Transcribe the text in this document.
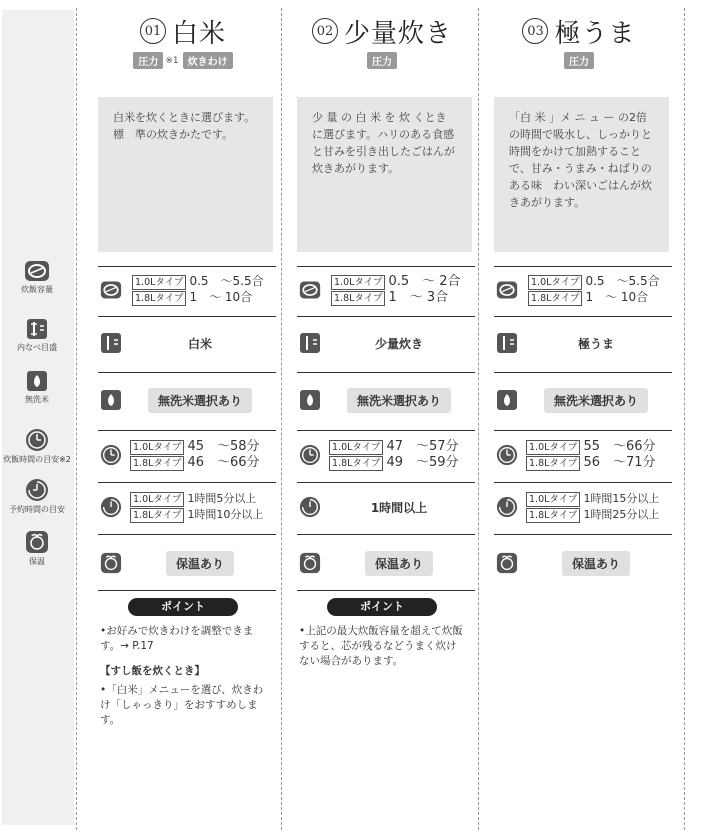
炊飯容量
内なべ目盛
無洗米
炊飯時間の目安※2
予約時間の目安
保温
01 白米
圧力 ※1 炊きわけ
白米を炊くときに選びます。標　準の炊きかたです。
1.0Lタイプ 0.5　～5.5合
1.8Lタイプ 1　～ 10合
白米
無洗米選択あり
1.0Lタイプ 45　～58分
1.8Lタイプ 46　～66分
1.0Lタイプ 1時間5分以上
1.8Lタイプ 1時間10分以上
保温あり
ポイント
•お好みで炊きわけを調整できます。→ P.17
【すし飯を炊くとき】
•「白米」メニューを選び、炊きわけ「しゃっきり」をおすすめします。
02 少量炊き
圧力
少 量 の 白 米 を 炊 くときに選びます。ハリのある食感と甘みを引き出したごはんが炊きあがります。
1.0Lタイプ 0.5　～ 2合
1.8Lタイプ 1　～ 3合
少量炊き
無洗米選択あり
1.0Lタイプ 47　～57分
1.8Lタイプ 49　～59分
1時間以上
保温あり
ポイント
•上記の最大炊飯容量を超えて炊飯すると、芯が残るなどうまく炊けない場合があります。
03 極うま
圧力
「白 米 」メ ニ ュ ー の2倍の時間で吸水し、しっかりと時間をかけて加熱することで、甘み・うまみ・ねばりのある味　わい深いごはんが炊きあがります。
1.0Lタイプ 0.5　～5.5合
1.8Lタイプ 1　～ 10合
極うま
無洗米選択あり
1.0Lタイプ 55　～66分
1.8Lタイプ 56　～71分
1.0Lタイプ 1時間15分以上
1.8Lタイプ 1時間25分以上
保温あり
